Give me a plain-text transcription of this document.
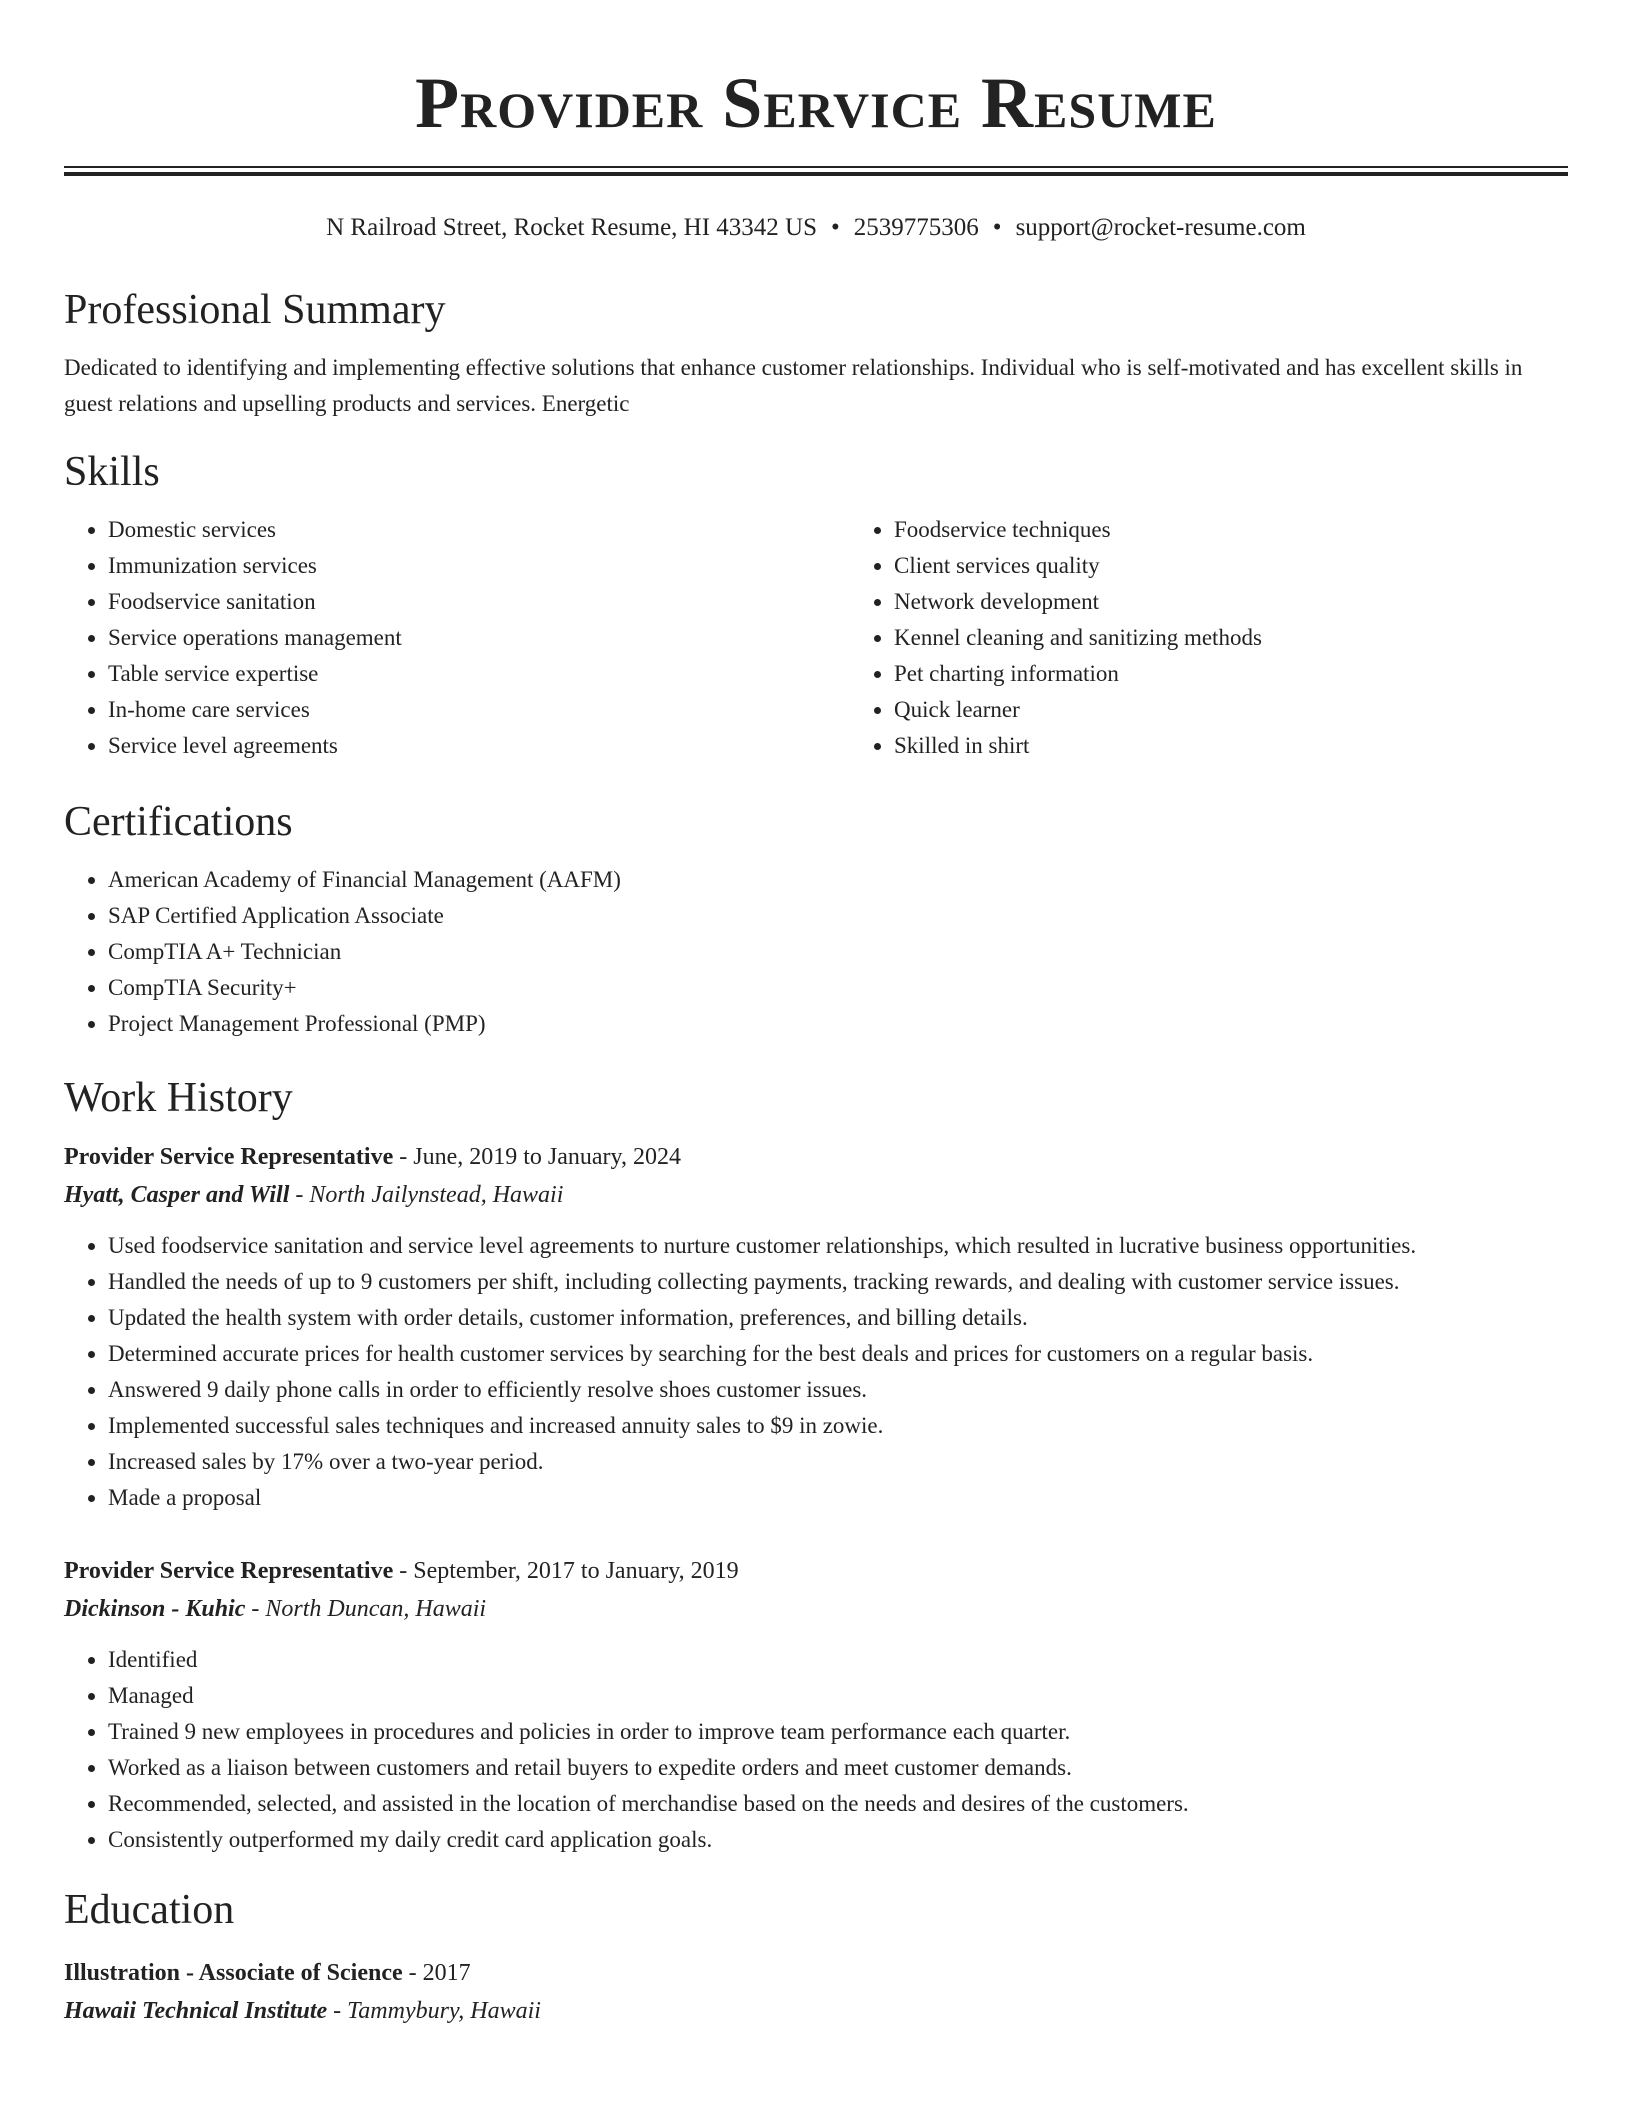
Provider Service Resume
N Railroad Street, Rocket Resume, HI 43342 US • 2539775306 • support@rocket-resume.com
Professional Summary

Dedicated to identifying and implementing effective solutions that enhance customer relationships. Individual who is self-motivated and has excellent skills in guest relations and upselling products and services. Energetic

Skills
• Domestic services
• Immunization services
• Foodservice sanitation
• Service operations management
• Table service expertise
• In-home care services
• Service level agreements
• Foodservice techniques
• Client services quality
• Network development
• Kennel cleaning and sanitizing methods
• Pet charting information
• Quick learner
• Skilled in shirt
Certifications
• American Academy of Financial Management (AAFM)
• SAP Certified Application Associate
• CompTIA A+ Technician
• CompTIA Security+
• Project Management Professional (PMP)
Work History
Provider Service Representative - June, 2019 to January, 2024
Hyatt, Casper and Will - North Jailynstead, Hawaii
• Used foodservice sanitation and service level agreements to nurture customer relationships, which resulted in lucrative business opportunities.
• Handled the needs of up to 9 customers per shift, including collecting payments, tracking rewards, and dealing with customer service issues.
• Updated the health system with order details, customer information, preferences, and billing details.
• Determined accurate prices for health customer services by searching for the best deals and prices for customers on a regular basis.
• Answered 9 daily phone calls in order to efficiently resolve shoes customer issues.
• Implemented successful sales techniques and increased annuity sales to $9 in zowie.
• Increased sales by 17% over a two-year period.
• Made a proposal
Provider Service Representative - September, 2017 to January, 2019
Dickinson - Kuhic - North Duncan, Hawaii
• Identified
• Managed
• Trained 9 new employees in procedures and policies in order to improve team performance each quarter.
• Worked as a liaison between customers and retail buyers to expedite orders and meet customer demands.
• Recommended, selected, and assisted in the location of merchandise based on the needs and desires of the customers.
• Consistently outperformed my daily credit card application goals.
Education
Illustration - Associate of Science - 2017
Hawaii Technical Institute - Tammybury, Hawaii
